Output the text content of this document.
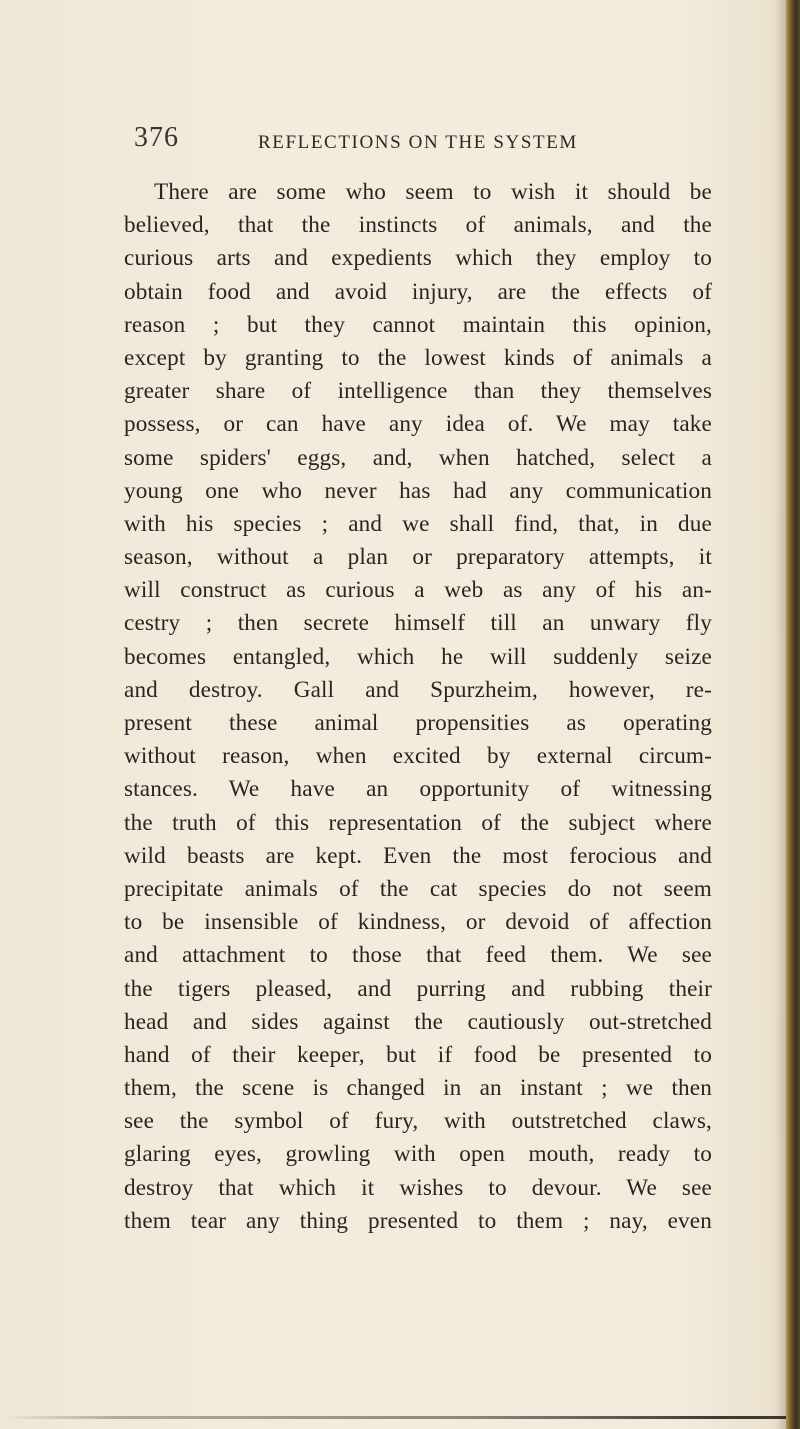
376	REFLECTIONS ON THE SYSTEM

There are some who seem to wish it should be
believed, that the instincts of animals, and the
curious arts and expedients which they employ to
obtain food and avoid injury, are the effects of
reason ; but they cannot maintain this opinion,
except by granting to the lowest kinds of animals a
greater share of intelligence than they themselves
possess, or can have any idea of. We may take
some spiders' eggs, and, when hatched, select a
young one who never has had any communication
with his species ; and we shall find, that, in due
season, without a plan or preparatory attempts, it
will construct as curious a web as any of his an-
cestry ; then secrete himself till an unwary fly
becomes entangled, which he will suddenly seize
and destroy. Gall and Spurzheim, however, re-
present these animal propensities as operating
without reason, when excited by external circum-
stances. We have an opportunity of witnessing
the truth of this representation of the subject where
wild beasts are kept. Even the most ferocious and
precipitate animals of the cat species do not seem
to be insensible of kindness, or devoid of affection
and attachment to those that feed them. We see
the tigers pleased, and purring and rubbing their
head and sides against the cautiously out-stretched
hand of their keeper, but if food be presented to
them, the scene is changed in an instant ; we then
see the symbol of fury, with outstretched claws,
glaring eyes, growling with open mouth, ready to
destroy that which it wishes to devour. We see
them tear any thing presented to them ; nay, even
